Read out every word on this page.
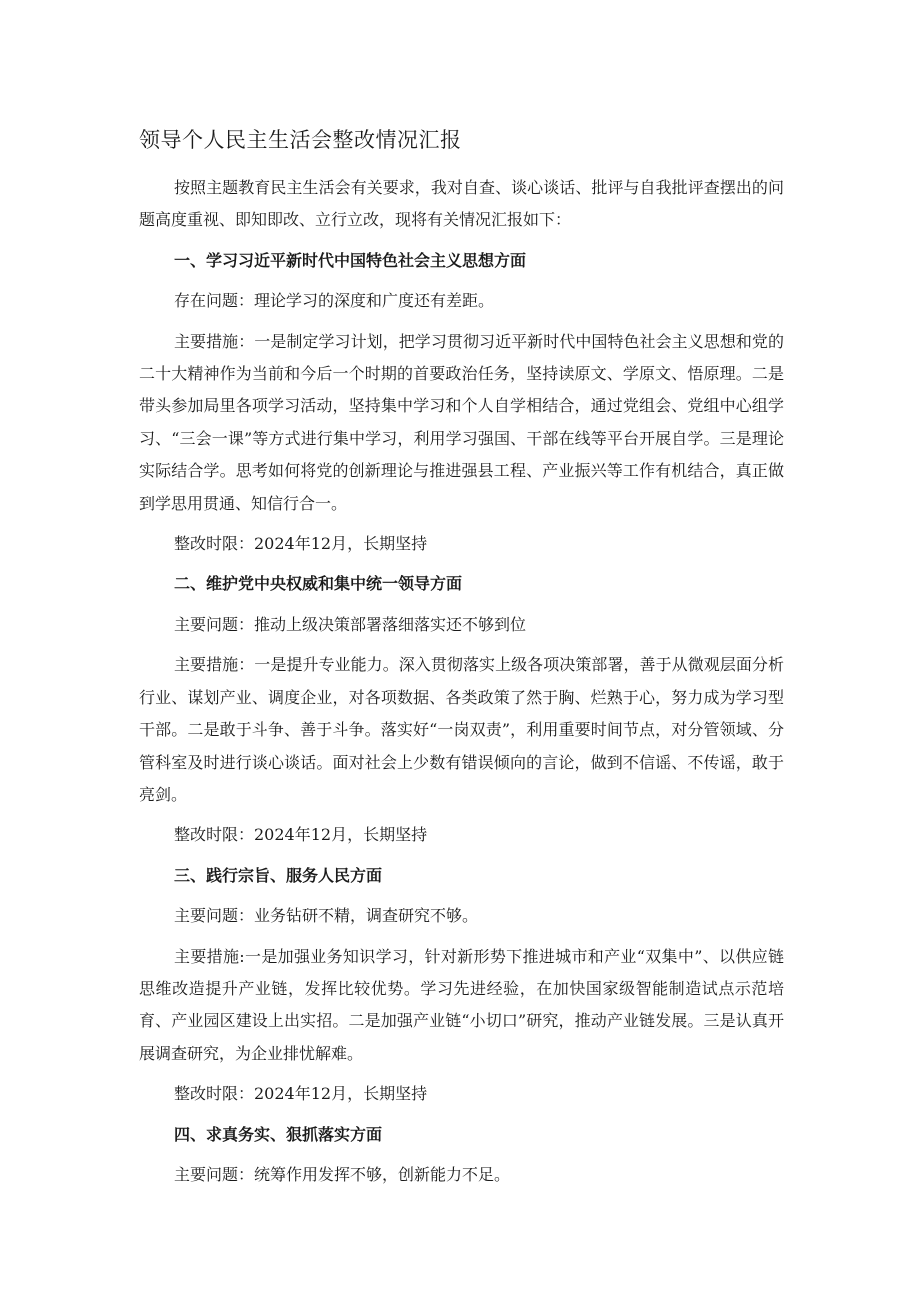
领导个人民主生活会整改情况汇报

按照主题教育民主生活会有关要求，我对自查、谈心谈话、批评与自我批评查摆出的问题高度重视、即知即改、立行立改，现将有关情况汇报如下：

一、学习习近平新时代中国特色社会主义思想方面

存在问题：理论学习的深度和广度还有差距。

主要措施：一是制定学习计划，把学习贯彻习近平新时代中国特色社会主义思想和党的二十大精神作为当前和今后一个时期的首要政治任务，坚持读原文、学原文、悟原理。二是带头参加局里各项学习活动，坚持集中学习和个人自学相结合，通过党组会、党组中心组学习、“三会一课”等方式进行集中学习，利用学习强国、干部在线等平台开展自学。三是理论实际结合学。思考如何将党的创新理论与推进强县工程、产业振兴等工作有机结合，真正做到学思用贯通、知信行合一。

整改时限：2024年12月，长期坚持

二、维护党中央权威和集中统一领导方面

主要问题：推动上级决策部署落细落实还不够到位

主要措施：一是提升专业能力。深入贯彻落实上级各项决策部署，善于从微观层面分析行业、谋划产业、调度企业，对各项数据、各类政策了然于胸、烂熟于心，努力成为学习型干部。二是敢于斗争、善于斗争。落实好“一岗双责”，利用重要时间节点，对分管领域、分管科室及时进行谈心谈话。面对社会上少数有错误倾向的言论，做到不信谣、不传谣，敢于亮剑。

整改时限：2024年12月，长期坚持

三、践行宗旨、服务人民方面

主要问题：业务钻研不精，调查研究不够。

主要措施:一是加强业务知识学习，针对新形势下推进城市和产业“双集中”、以供应链思维改造提升产业链，发挥比较优势。学习先进经验，在加快国家级智能制造试点示范培育、产业园区建设上出实招。二是加强产业链“小切口”研究，推动产业链发展。三是认真开展调查研究，为企业排忧解难。

整改时限：2024年12月，长期坚持

四、求真务实、狠抓落实方面

主要问题：统筹作用发挥不够，创新能力不足。
